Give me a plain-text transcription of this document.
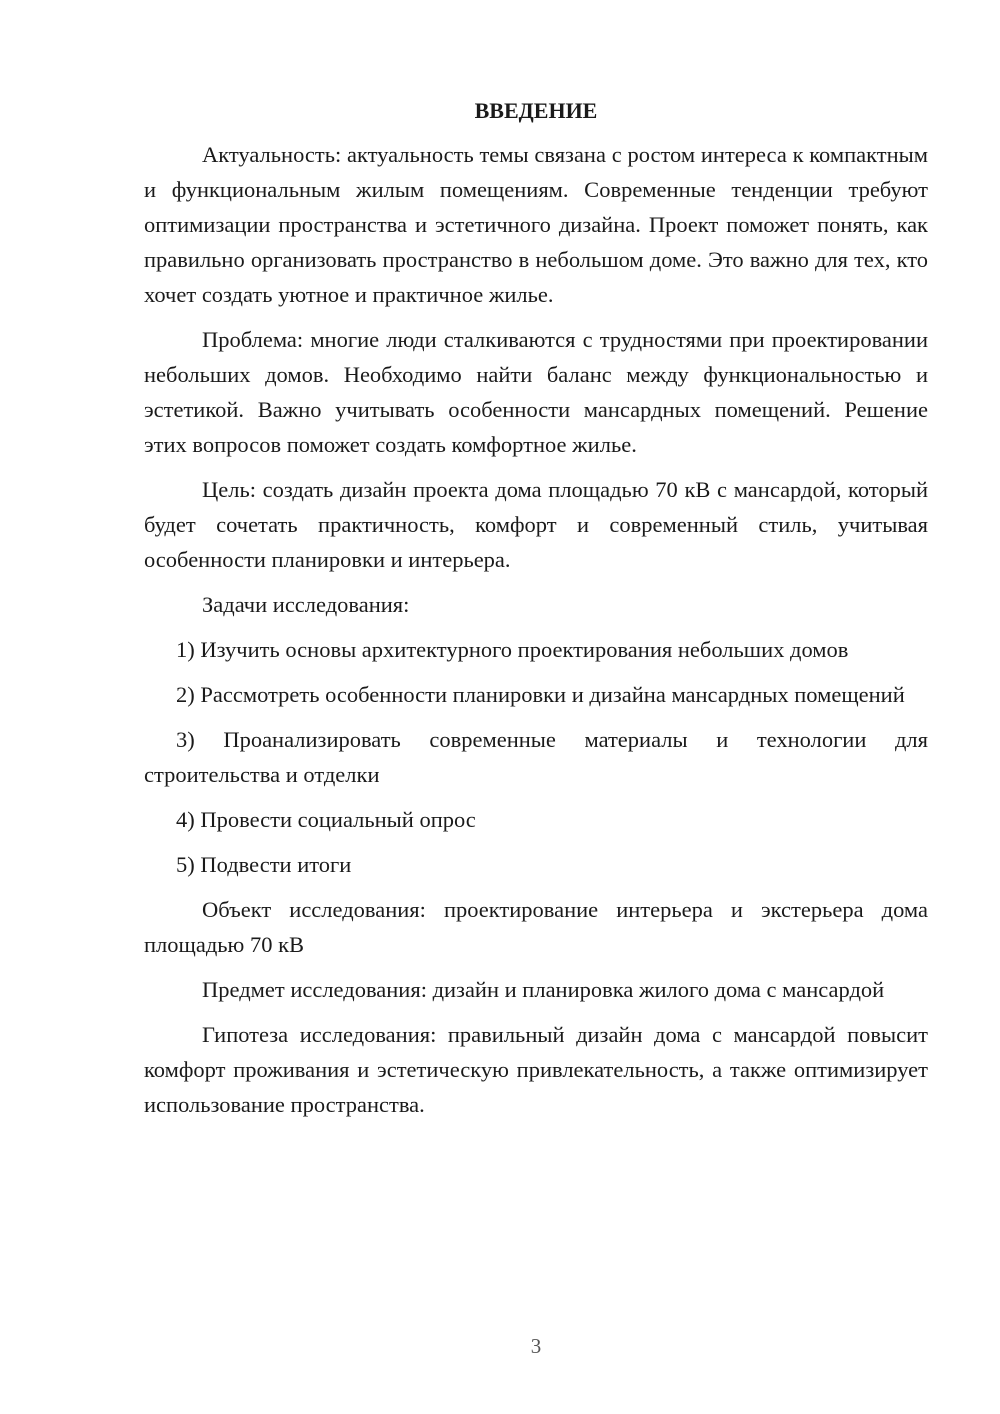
ВВЕДЕНИЕ

Актуальность: актуальность темы связана с ростом интереса к компактным и функциональным жилым помещениям. Современные тенденции требуют оптимизации пространства и эстетичного дизайна. Проект поможет понять, как правильно организовать пространство в небольшом доме. Это важно для тех, кто хочет создать уютное и практичное жилье.

Проблема: многие люди сталкиваются с трудностями при проектировании небольших домов. Необходимо найти баланс между функциональностью и эстетикой. Важно учитывать особенности мансардных помещений. Решение этих вопросов поможет создать комфортное жилье.

Цель: создать дизайн проекта дома площадью 70 кВ с мансардой, который будет сочетать практичность, комфорт и современный стиль, учитывая особенности планировки и интерьера.

Задачи исследования:

1) Изучить основы архитектурного проектирования небольших домов

2) Рассмотреть особенности планировки и дизайна мансардных помещений

3) Проанализировать современные материалы и технологии для строительства и отделки

4) Провести социальный опрос

5) Подвести итоги

Объект исследования: проектирование интерьера и экстерьера дома площадью 70 кВ

Предмет исследования: дизайн и планировка жилого дома с мансардой

Гипотеза исследования: правильный дизайн дома с мансардой повысит комфорт проживания и эстетическую привлекательность, а также оптимизирует использование пространства.

3
